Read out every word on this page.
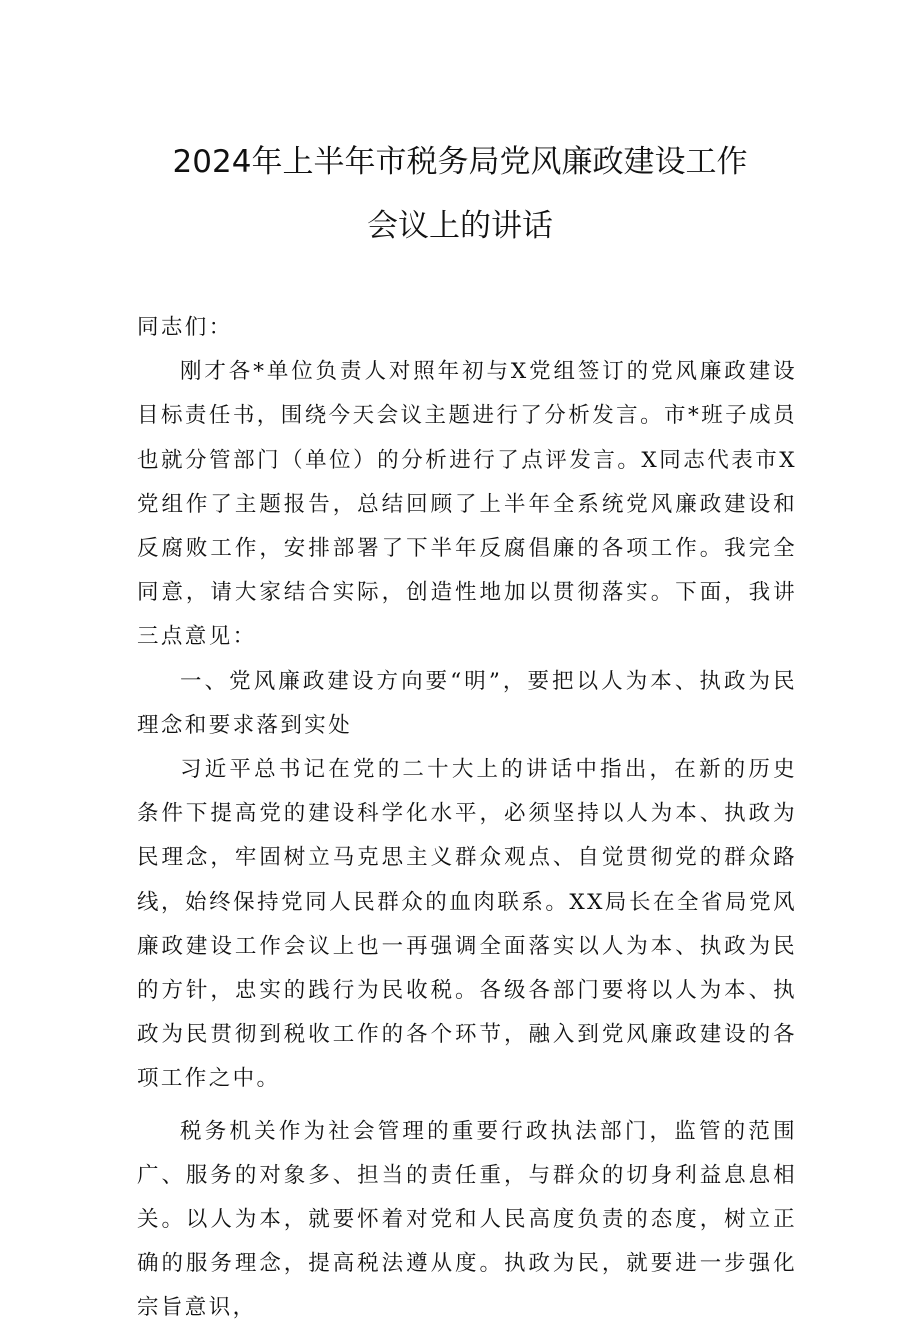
2024年上半年市税务局党风廉政建设工作
会议上的讲话

同志们：

刚才各*单位负责人对照年初与X党组签订的党风廉政建设目标责任书，围绕今天会议主题进行了分析发言。市*班子成员也就分管部门（单位）的分析进行了点评发言。X同志代表市X党组作了主题报告，总结回顾了上半年全系统党风廉政建设和反腐败工作，安排部署了下半年反腐倡廉的各项工作。我完全同意，请大家结合实际，创造性地加以贯彻落实。下面，我讲三点意见：

一、党风廉政建设方向要“明”，要把以人为本、执政为民理念和要求落到实处

习近平总书记在党的二十大上的讲话中指出，在新的历史条件下提高党的建设科学化水平，必须坚持以人为本、执政为民理念，牢固树立马克思主义群众观点、自觉贯彻党的群众路线，始终保持党同人民群众的血肉联系。XX局长在全省局党风廉政建设工作会议上也一再强调全面落实以人为本、执政为民的方针，忠实的践行为民收税。各级各部门要将以人为本、执政为民贯彻到税收工作的各个环节，融入到党风廉政建设的各项工作之中。

税务机关作为社会管理的重要行政执法部门，监管的范围广、服务的对象多、担当的责任重，与群众的切身利益息息相关。以人为本，就要怀着对党和人民高度负责的态度，树立正确的服务理念，提高税法遵从度。执政为民，就要进一步强化宗旨意识，
